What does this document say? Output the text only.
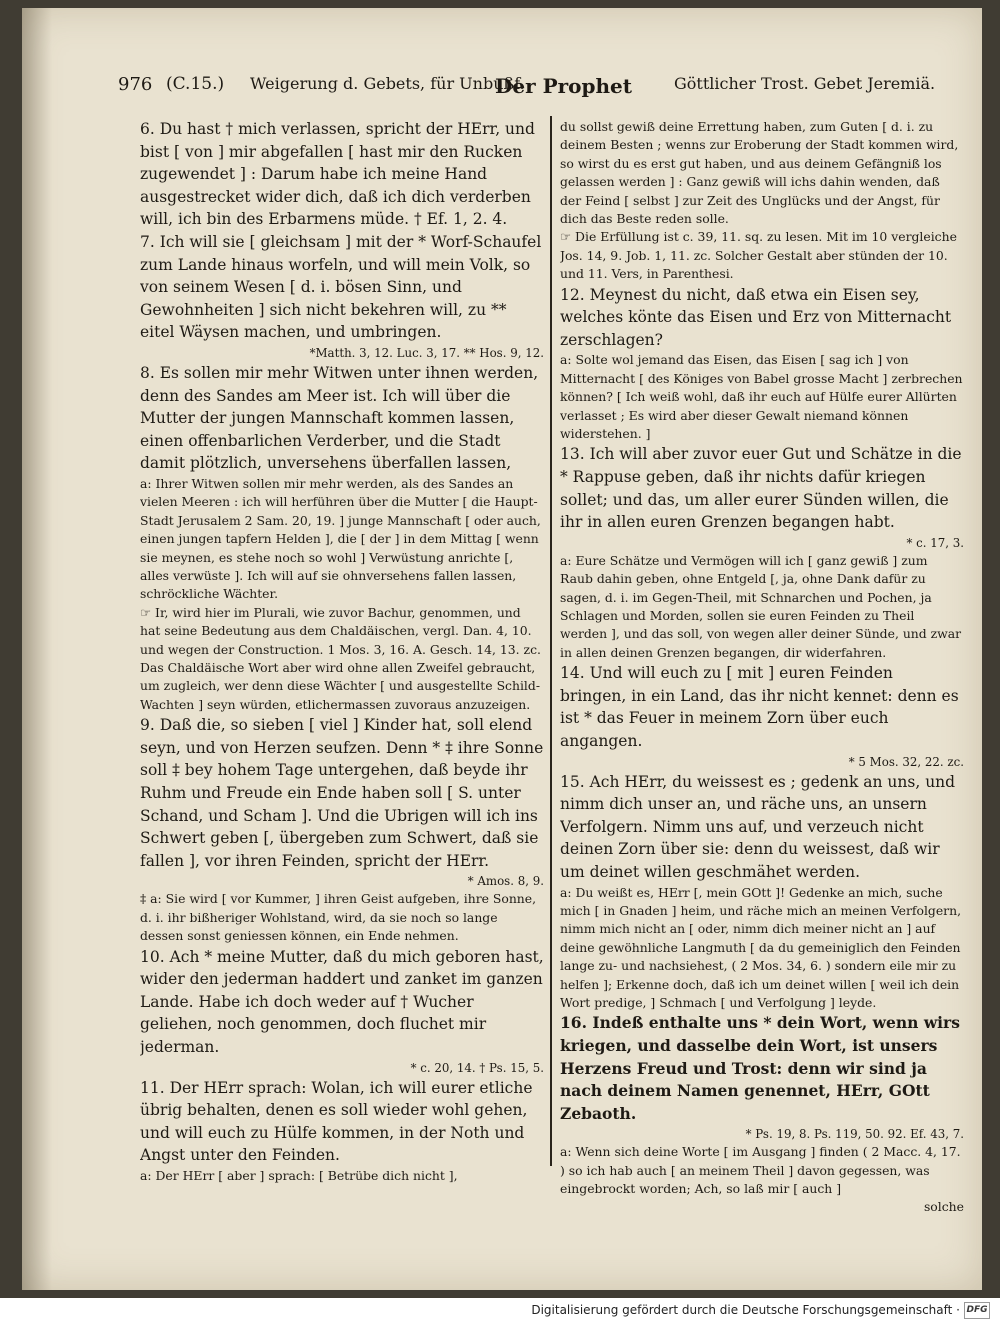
976 (C.15.) Weigerung d. Gebets, für Unbußf.
Der Prophet	Göttlicher Trost. Gebet Jeremiä.

6. Du hast † mich verlassen, spricht der HErr, und bist [ von ] mir abgefallen [ hast mir den Rucken zugewendet ] : Darum habe ich meine Hand ausgestrecket wider dich, daß ich dich verderben will, ich bin des Erbarmens müde. † Ef. 1, 2. 4.

7. Ich will sie [ gleichsam ] mit der * Worf-Schaufel zum Lande hinaus worfeln, und will mein Volk, so von seinem Wesen [ d. i. bösen Sinn, und Gewohnheiten ] sich nicht bekehren will, zu ** eitel Wäysen machen, und umbringen.

*Matth. 3, 12. Luc. 3, 17. ** Hos. 9, 12.

8. Es sollen mir mehr Witwen unter ihnen werden, denn des Sandes am Meer ist. Ich will über die Mutter der jungen Mannschaft kommen lassen, einen offenbarlichen Verderber, und die Stadt damit plötzlich, unversehens überfallen lassen,

a: Ihrer Witwen sollen mir mehr werden, als des Sandes an vielen Meeren : ich will herführen über die Mutter [ die Haupt-Stadt Jerusalem 2 Sam. 20, 19. ] junge Mannschaft [ oder auch, einen jungen tapfern Helden ], die [ der ] in dem Mittag [ wenn sie meynen, es stehe noch so wohl ] Verwüstung anrichte [, alles verwüste ]. Ich will auf sie ohnversehens fallen lassen, schröckliche Wächter.

☞ Ir, wird hier im Plurali, wie zuvor Bachur, genommen, und hat seine Bedeutung aus dem Chaldäischen, vergl. Dan. 4, 10. und wegen der Construction. 1 Mos. 3, 16. A. Gesch. 14, 13. zc. Das Chaldäische Wort aber wird ohne allen Zweifel gebraucht, um zugleich, wer denn diese Wächter [ und ausgestellte Schild-Wachten ] seyn würden, etlichermassen zuvoraus anzuzeigen.

9. Daß die, so sieben [ viel ] Kinder hat, soll elend seyn, und von Herzen seufzen. Denn * ‡ ihre Sonne soll ‡ bey hohem Tage untergehen, daß beyde ihr Ruhm und Freude ein Ende haben soll [ S. unter Schand, und Scham ]. Und die Ubrigen will ich ins Schwert geben [, übergeben zum Schwert, daß sie fallen ], vor ihren Feinden, spricht der HErr.

* Amos. 8, 9.

‡ a: Sie wird [ vor Kummer, ] ihren Geist aufgeben, ihre Sonne, d. i. ihr bißheriger Wohlstand, wird, da sie noch so lange dessen sonst geniessen können, ein Ende nehmen.

10. Ach * meine Mutter, daß du mich geboren hast, wider den jederman haddert und zanket im ganzen Lande. Habe ich doch weder auf † Wucher geliehen, noch genommen, doch fluchet mir jederman.

* c. 20, 14. † Ps. 15, 5.

11. Der HErr sprach: Wolan, ich will eurer etliche übrig behalten, denen es soll wieder wohl gehen, und will euch zu Hülfe kommen, in der Noth und Angst unter den Feinden.

a: Der HErr [ aber ] sprach: [ Betrübe dich nicht ],

du sollst gewiß deine Errettung haben, zum Guten [ d. i. zu deinem Besten ; wenns zur Eroberung der Stadt kommen wird, so wirst du es erst gut haben, und aus deinem Gefängniß los gelassen werden ] : Ganz gewiß will ichs dahin wenden, daß der Feind [ selbst ] zur Zeit des Unglücks und der Angst, für dich das Beste reden solle.

☞ Die Erfüllung ist c. 39, 11. sq. zu lesen. Mit im 10 vergleiche Jos. 14, 9. Job. 1, 11. zc. Solcher Gestalt aber stünden der 10. und 11. Vers, in Parenthesi.

12. Meynest du nicht, daß etwa ein Eisen sey, welches könte das Eisen und Erz von Mitternacht zerschlagen?

a: Solte wol jemand das Eisen, das Eisen [ sag ich ] von Mitternacht [ des Königes von Babel grosse Macht ] zerbrechen können? [ Ich weiß wohl, daß ihr euch auf Hülfe eurer Allürten verlasset ; Es wird aber dieser Gewalt niemand können widerstehen. ]

13. Ich will aber zuvor euer Gut und Schätze in die * Rappuse geben, daß ihr nichts dafür kriegen sollet; und das, um aller eurer Sünden willen, die ihr in allen euren Grenzen begangen habt.

* c. 17, 3.

a: Eure Schätze und Vermögen will ich [ ganz gewiß ] zum Raub dahin geben, ohne Entgeld [, ja, ohne Dank dafür zu sagen, d. i. im Gegen-Theil, mit Schnarchen und Pochen, ja Schlagen und Morden, sollen sie euren Feinden zu Theil werden ], und das soll, von wegen aller deiner Sünde, und zwar in allen deinen Grenzen begangen, dir widerfahren.

14. Und will euch zu [ mit ] euren Feinden bringen, in ein Land, das ihr nicht kennet: denn es ist * das Feuer in meinem Zorn über euch angangen.

* 5 Mos. 32, 22. zc.

15. Ach HErr, du weissest es ; gedenk an uns, und nimm dich unser an, und räche uns, an unsern Verfolgern. Nimm uns auf, und verzeuch nicht deinen Zorn über sie: denn du weissest, daß wir um deinet willen geschmähet werden.

a: Du weißt es, HErr [, mein GOtt ]! Gedenke an mich, suche mich [ in Gnaden ] heim, und räche mich an meinen Verfolgern, nimm mich nicht an [ oder, nimm dich meiner nicht an ] auf deine gewöhnliche Langmuth [ da du gemeiniglich den Feinden lange zu- und nachsiehest, ( 2 Mos. 34, 6. ) sondern eile mir zu helfen ]; Erkenne doch, daß ich um deinet willen [ weil ich dein Wort predige, ] Schmach [ und Verfolgung ] leyde.

16. Indeß enthalte uns * dein Wort, wenn wirs kriegen, und dasselbe dein Wort, ist unsers Herzens Freud und Trost: denn wir sind ja nach deinem Namen genennet, HErr, GOtt Zebaoth.

* Ps. 19, 8. Ps. 119, 50. 92. Ef. 43, 7.

a: Wenn sich deine Worte [ im Ausgang ] finden ( 2 Macc. 4, 17. ) so ich hab auch [ an meinem Theil ] davon gegessen, was eingebrockt worden; Ach, so laß mir [ auch ]

solche

Digitalisierung gefördert durch die Deutsche Forschungsgemeinschaft · DFG
